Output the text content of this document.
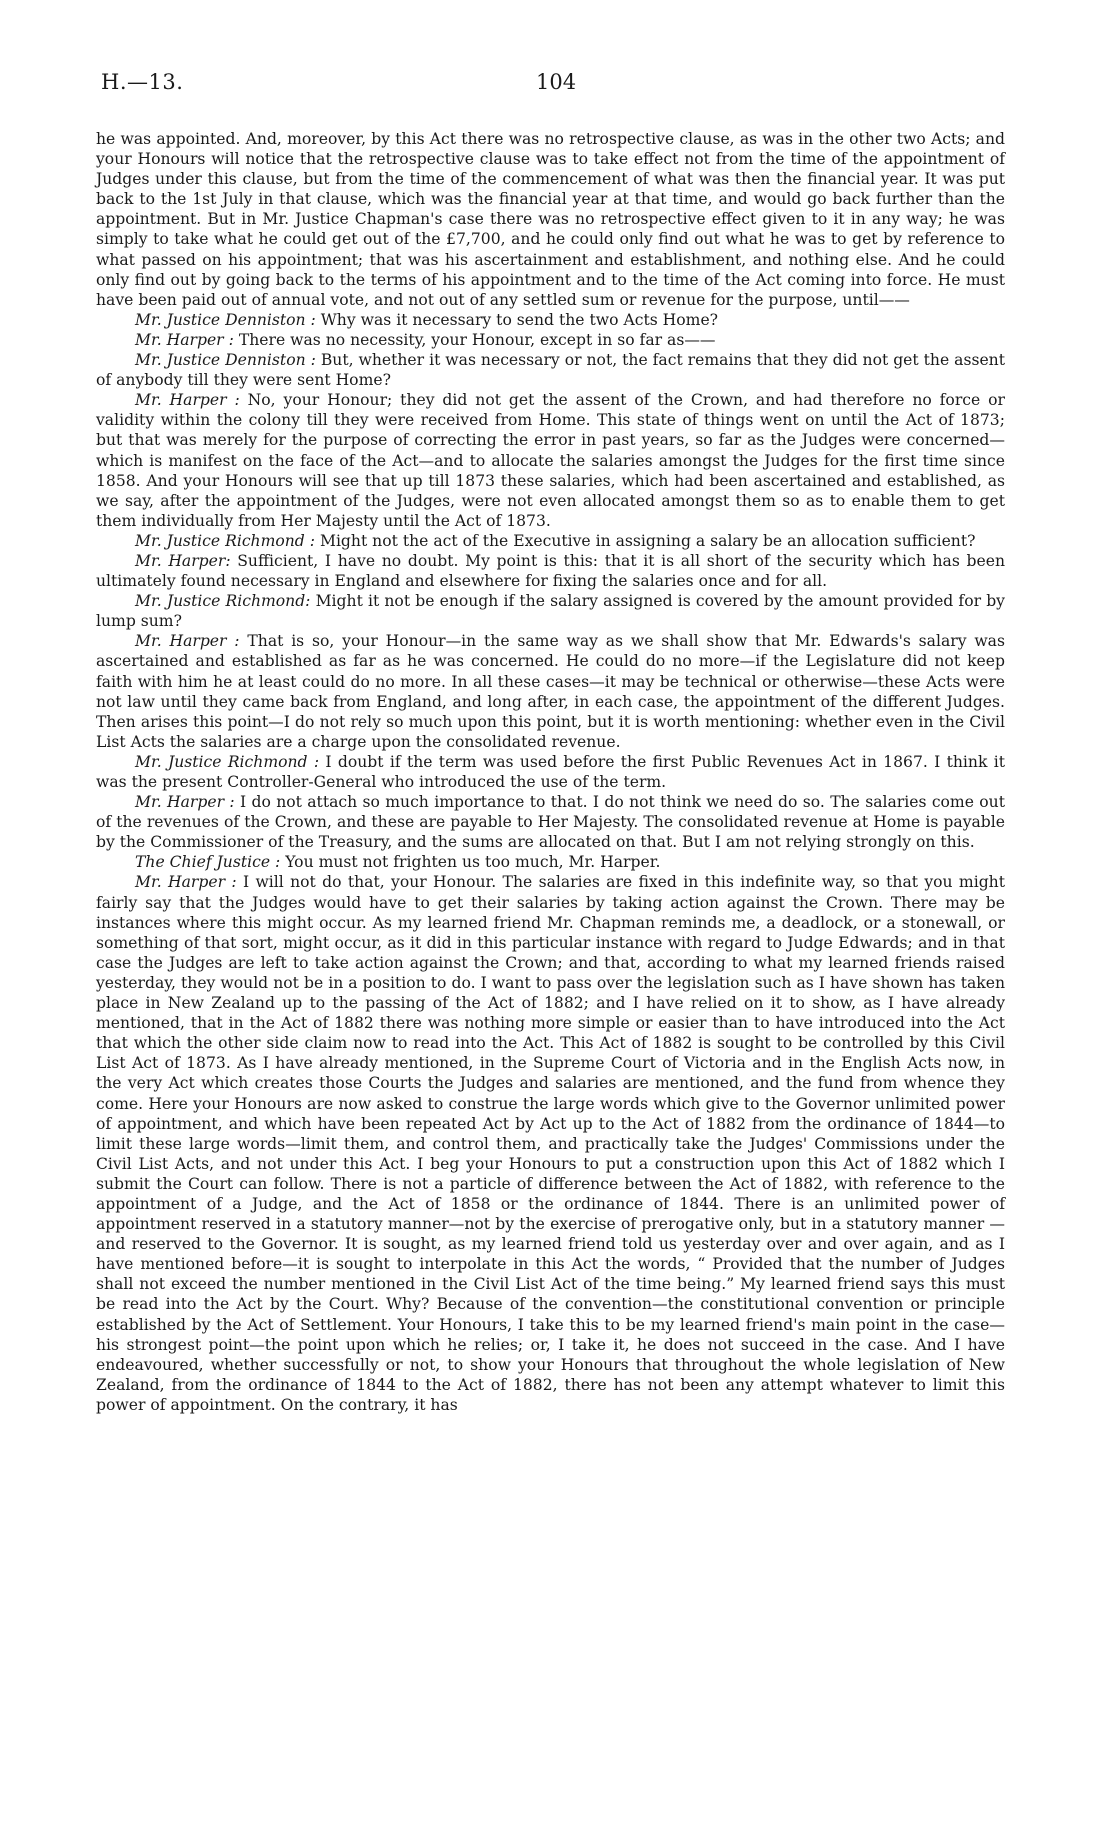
H.—13.	104

he was appointed. And, moreover, by this Act there was no retrospective clause, as was in the other two Acts; and your Honours will notice that the retrospective clause was to take effect not from the time of the appointment of Judges under this clause, but from the time of the commencement of what was then the financial year. It was put back to the 1st July in that clause, which was the financial year at that time, and would go back further than the appointment. But in Mr. Justice Chapman's case there was no retrospective effect given to it in any way; he was simply to take what he could get out of the £7,700, and he could only find out what he was to get by reference to what passed on his appointment; that was his ascertainment and establishment, and nothing else. And he could only find out by going back to the terms of his appointment and to the time of the Act coming into force. He must have been paid out of annual vote, and not out of any settled sum or revenue for the purpose, until——

Mr. Justice Denniston : Why was it necessary to send the two Acts Home?

Mr. Harper : There was no necessity, your Honour, except in so far as——

Mr. Justice Denniston : But, whether it was necessary or not, the fact remains that they did not get the assent of anybody till they were sent Home?

Mr. Harper : No, your Honour; they did not get the assent of the Crown, and had therefore no force or validity within the colony till they were received from Home. This state of things went on until the Act of 1873; but that was merely for the purpose of correcting the error in past years, so far as the Judges were concerned—which is manifest on the face of the Act—and to allocate the salaries amongst the Judges for the first time since 1858. And your Honours will see that up till 1873 these salaries, which had been ascertained and established, as we say, after the appointment of the Judges, were not even allocated amongst them so as to enable them to get them individually from Her Majesty until the Act of 1873.

Mr. Justice Richmond : Might not the act of the Executive in assigning a salary be an allocation sufficient?

Mr. Harper: Sufficient, I have no doubt. My point is this: that it is all short of the security which has been ultimately found necessary in England and elsewhere for fixing the salaries once and for all.

Mr. Justice Richmond: Might it not be enough if the salary assigned is covered by the amount provided for by lump sum?

Mr. Harper : That is so, your Honour—in the same way as we shall show that Mr. Edwards's salary was ascertained and established as far as he was concerned. He could do no more—if the Legislature did not keep faith with him he at least could do no more. In all these cases—it may be technical or otherwise—these Acts were not law until they came back from England, and long after, in each case, the appointment of the different Judges. Then arises this point—I do not rely so much upon this point, but it is worth mentioning: whether even in the Civil List Acts the salaries are a charge upon the consolidated revenue.

Mr. Justice Richmond : I doubt if the term was used before the first Public Revenues Act in 1867. I think it was the present Controller-General who introduced the use of the term.

Mr. Harper : I do not attach so much importance to that. I do not think we need do so. The salaries come out of the revenues of the Crown, and these are payable to Her Majesty. The consolidated revenue at Home is payable by the Commissioner of the Treasury, and the sums are allocated on that. But I am not relying strongly on this.

The Chief Justice : You must not frighten us too much, Mr. Harper.

Mr. Harper : I will not do that, your Honour. The salaries are fixed in this indefinite way, so that you might fairly say that the Judges would have to get their salaries by taking action against the Crown. There may be instances where this might occur. As my learned friend Mr. Chapman reminds me, a deadlock, or a stonewall, or something of that sort, might occur, as it did in this particular instance with regard to Judge Edwards; and in that case the Judges are left to take action against the Crown; and that, according to what my learned friends raised yesterday, they would not be in a position to do. I want to pass over the legislation such as I have shown has taken place in New Zealand up to the passing of the Act of 1882; and I have relied on it to show, as I have already mentioned, that in the Act of 1882 there was nothing more simple or easier than to have introduced into the Act that which the other side claim now to read into the Act. This Act of 1882 is sought to be controlled by this Civil List Act of 1873. As I have already mentioned, in the Supreme Court of Victoria and in the English Acts now, in the very Act which creates those Courts the Judges and salaries are mentioned, and the fund from whence they come. Here your Honours are now asked to construe the large words which give to the Governor unlimited power of appointment, and which have been repeated Act by Act up to the Act of 1882 from the ordinance of 1844—to limit these large words—limit them, and control them, and practically take the Judges' Commissions under the Civil List Acts, and not under this Act. I beg your Honours to put a construction upon this Act of 1882 which I submit the Court can follow. There is not a particle of difference between the Act of 1882, with reference to the appointment of a Judge, and the Act of 1858 or the ordinance of 1844. There is an unlimited power of appointment reserved in a statutory manner—not by the exercise of prerogative only, but in a statutory manner —and reserved to the Governor. It is sought, as my learned friend told us yesterday over and over again, and as I have mentioned before—it is sought to interpolate in this Act the words, “ Provided that the number of Judges shall not exceed the number mentioned in the Civil List Act of the time being.” My learned friend says this must be read into the Act by the Court. Why? Because of the convention—the constitutional convention or principle established by the Act of Settlement. Your Honours, I take this to be my learned friend's main point in the case—his strongest point—the point upon which he relies; or, I take it, he does not succeed in the case. And I have endeavoured, whether successfully or not, to show your Honours that throughout the whole legislation of New Zealand, from the ordinance of 1844 to the Act of 1882, there has not been any attempt whatever to limit this power of appointment. On the contrary, it has
